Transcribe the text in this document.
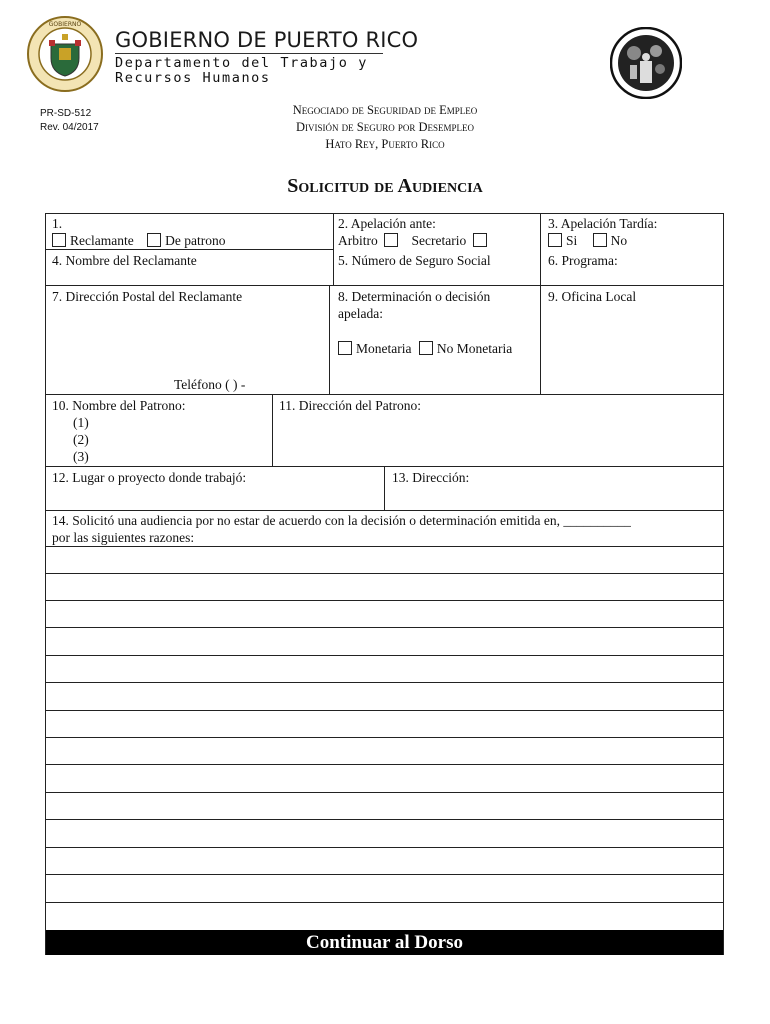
GOBIERNO
GOBIERNO DE PUERTO RICO
Departamento del Trabajo y
Recursos Humanos
PR-SD-512
Rev. 04/2017
Negociado de Seguridad de Empleo
División de Seguro por Desempleo
Hato Rey, Puerto Rico
Solicitud de Audiencia
1.
Reclamante De patrono
2. Apelación ante:
Arbitro	Secretario
3. Apelación Tardía:
Si No
4. Nombre del Reclamante	5. Número de Seguro Social	6. Programa:
7. Dirección Postal del Reclamante
Teléfono ( ) -
8. Determinación o decisión
apelada:
Monetaria No Monetaria
9. Oficina Local
10. Nombre del Patrono:
(1)
(2)
(3)
11. Dirección del Patrono:
12. Lugar o proyecto donde trabajó:	13. Dirección:
14. Solicitó una audiencia por no estar de acuerdo con la decisión o determinación emitida en, __________
por las siguientes razones:
Continuar al Dorso
